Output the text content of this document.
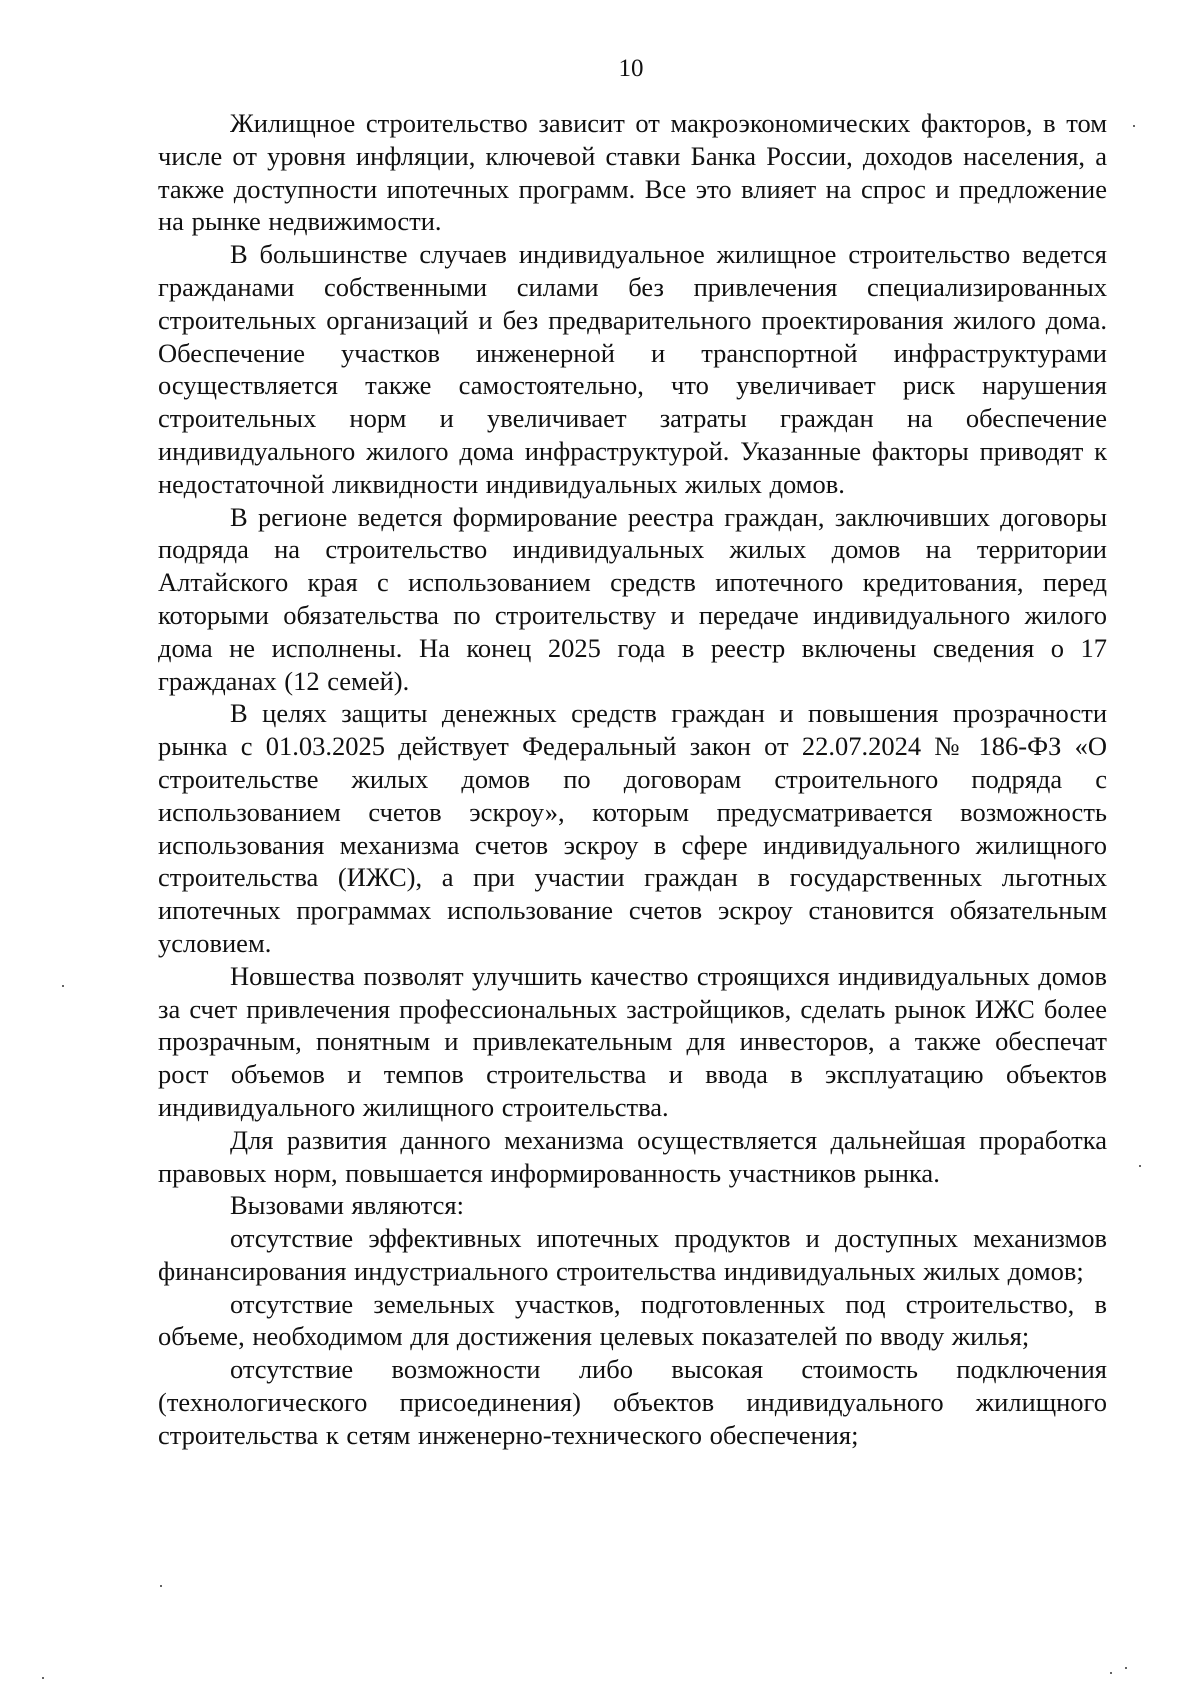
10

Жилищное строительство зависит от макроэкономических факторов, в том числе от уровня инфляции, ключевой ставки Банка России, доходов населения, а также доступности ипотечных программ. Все это влияет на спрос и предложение на рынке недвижимости.

В большинстве случаев индивидуальное жилищное строительство ведется гражданами собственными силами без привлечения специализированных строительных организаций и без предварительного проектирования жилого дома. Обеспечение участков инженерной и транспортной инфраструктурами осуществляется также самостоятельно, что увеличивает риск нарушения строительных норм и увеличивает затраты граждан на обеспечение индивидуального жилого дома инфраструктурой. Указанные факторы приводят к недостаточной ликвидности индивидуальных жилых домов.

В регионе ведется формирование реестра граждан, заключивших договоры подряда на строительство индивидуальных жилых домов на территории Алтайского края с использованием средств ипотечного кредитования, перед которыми обязательства по строительству и передаче индивидуального жилого дома не исполнены. На конец 2025 года в реестр включены сведения о 17 гражданах (12 семей).

В целях защиты денежных средств граждан и повышения прозрачности рынка с 01.03.2025 действует Федеральный закон от 22.07.2024 № 186-ФЗ «О строительстве жилых домов по договорам строительного подряда с использованием счетов эскроу», которым предусматривается возможность использования механизма счетов эскроу в сфере индивидуального жилищного строительства (ИЖС), а при участии граждан в государственных льготных ипотечных программах использование счетов эскроу становится обязательным условием.

Новшества позволят улучшить качество строящихся индивидуальных домов за счет привлечения профессиональных застройщиков, сделать рынок ИЖС более прозрачным, понятным и привлекательным для инвесторов, а также обеспечат рост объемов и темпов строительства и ввода в эксплуатацию объектов индивидуального жилищного строительства.

Для развития данного механизма осуществляется дальнейшая проработка правовых норм, повышается информированность участников рынка.

Вызовами являются:

отсутствие эффективных ипотечных продуктов и доступных механизмов финансирования индустриального строительства индивидуальных жилых домов;

отсутствие земельных участков, подготовленных под строительство, в объеме, необходимом для достижения целевых показателей по вводу жилья;

отсутствие возможности либо высокая стоимость подключения (технологического присоединения) объектов индивидуального жилищного строительства к сетям инженерно-технического обеспечения;
